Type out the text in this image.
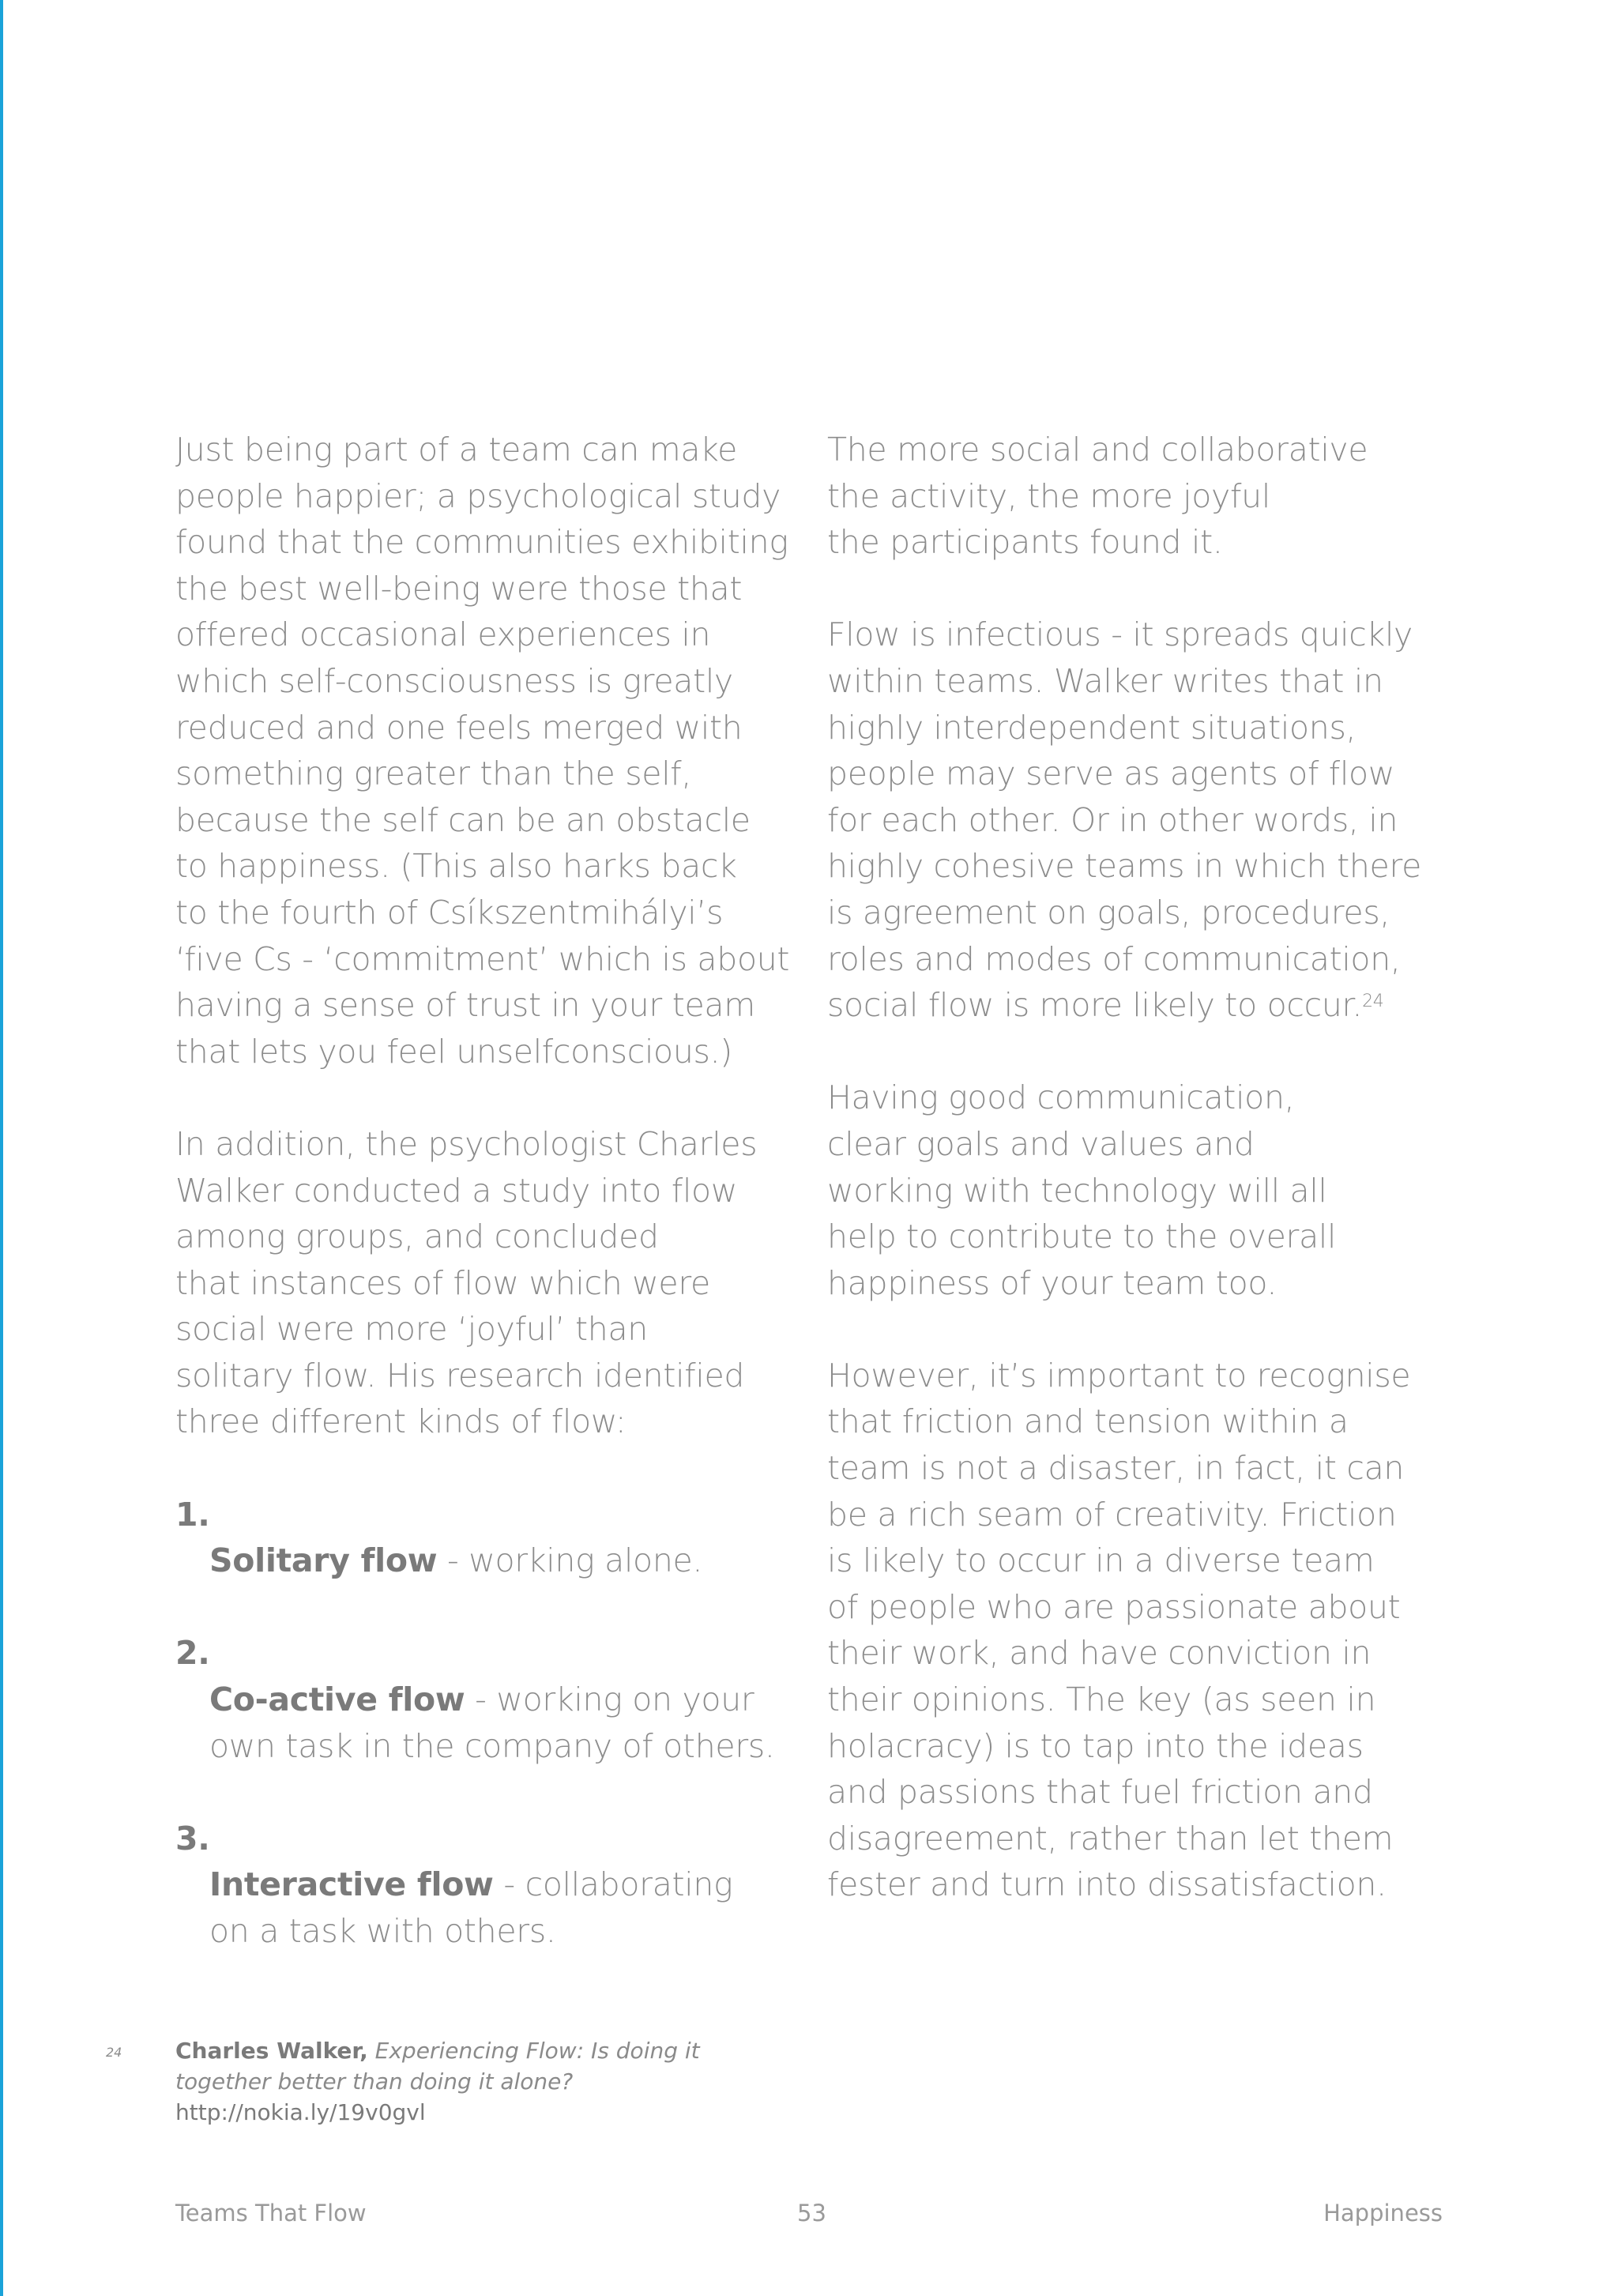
Just being part of a team can make
people happier; a psychological study
found that the communities exhibiting
the best well-being were those that
offered occasional experiences in
which self-consciousness is greatly
reduced and one feels merged with
something greater than the self,
because the self can be an obstacle
to happiness. (This also harks back
to the fourth of Csíkszentmihályi’s
‘five Cs - ‘commitment’ which is about
having a sense of trust in your team
that lets you feel unselfconscious.)

In addition, the psychologist Charles
Walker conducted a study into flow
among groups, and concluded
that instances of flow which were
social were more ‘joyful’ than
solitary flow. His research identified
three different kinds of flow:

1.
Solitary flow - working alone.

2.
Co-active flow - working on your
own task in the company of others.

3.
Interactive flow - collaborating
on a task with others.

The more social and collaborative
the activity, the more joyful
the participants found it.

Flow is infectious - it spreads quickly
within teams. Walker writes that in
highly interdependent situations,
people may serve as agents of flow
for each other. Or in other words, in
highly cohesive teams in which there
is agreement on goals, procedures,
roles and modes of communication,
social flow is more likely to occur.$^{24}$

Having good communication,
clear goals and values and
working with technology will all
help to contribute to the overall
happiness of your team too.

However, it’s important to recognise
that friction and tension within a
team is not a disaster, in fact, it can
be a rich seam of creativity. Friction
is likely to occur in a diverse team
of people who are passionate about
their work, and have conviction in
their opinions. The key (as seen in
holacracy) is to tap into the ideas
and passions that fuel friction and
disagreement, rather than let them
fester and turn into dissatisfaction.

24 Charles Walker, Experiencing Flow: Is doing it
together better than doing it alone?
http://nokia.ly/19v0gvl
Teams That Flow	53	Happiness
